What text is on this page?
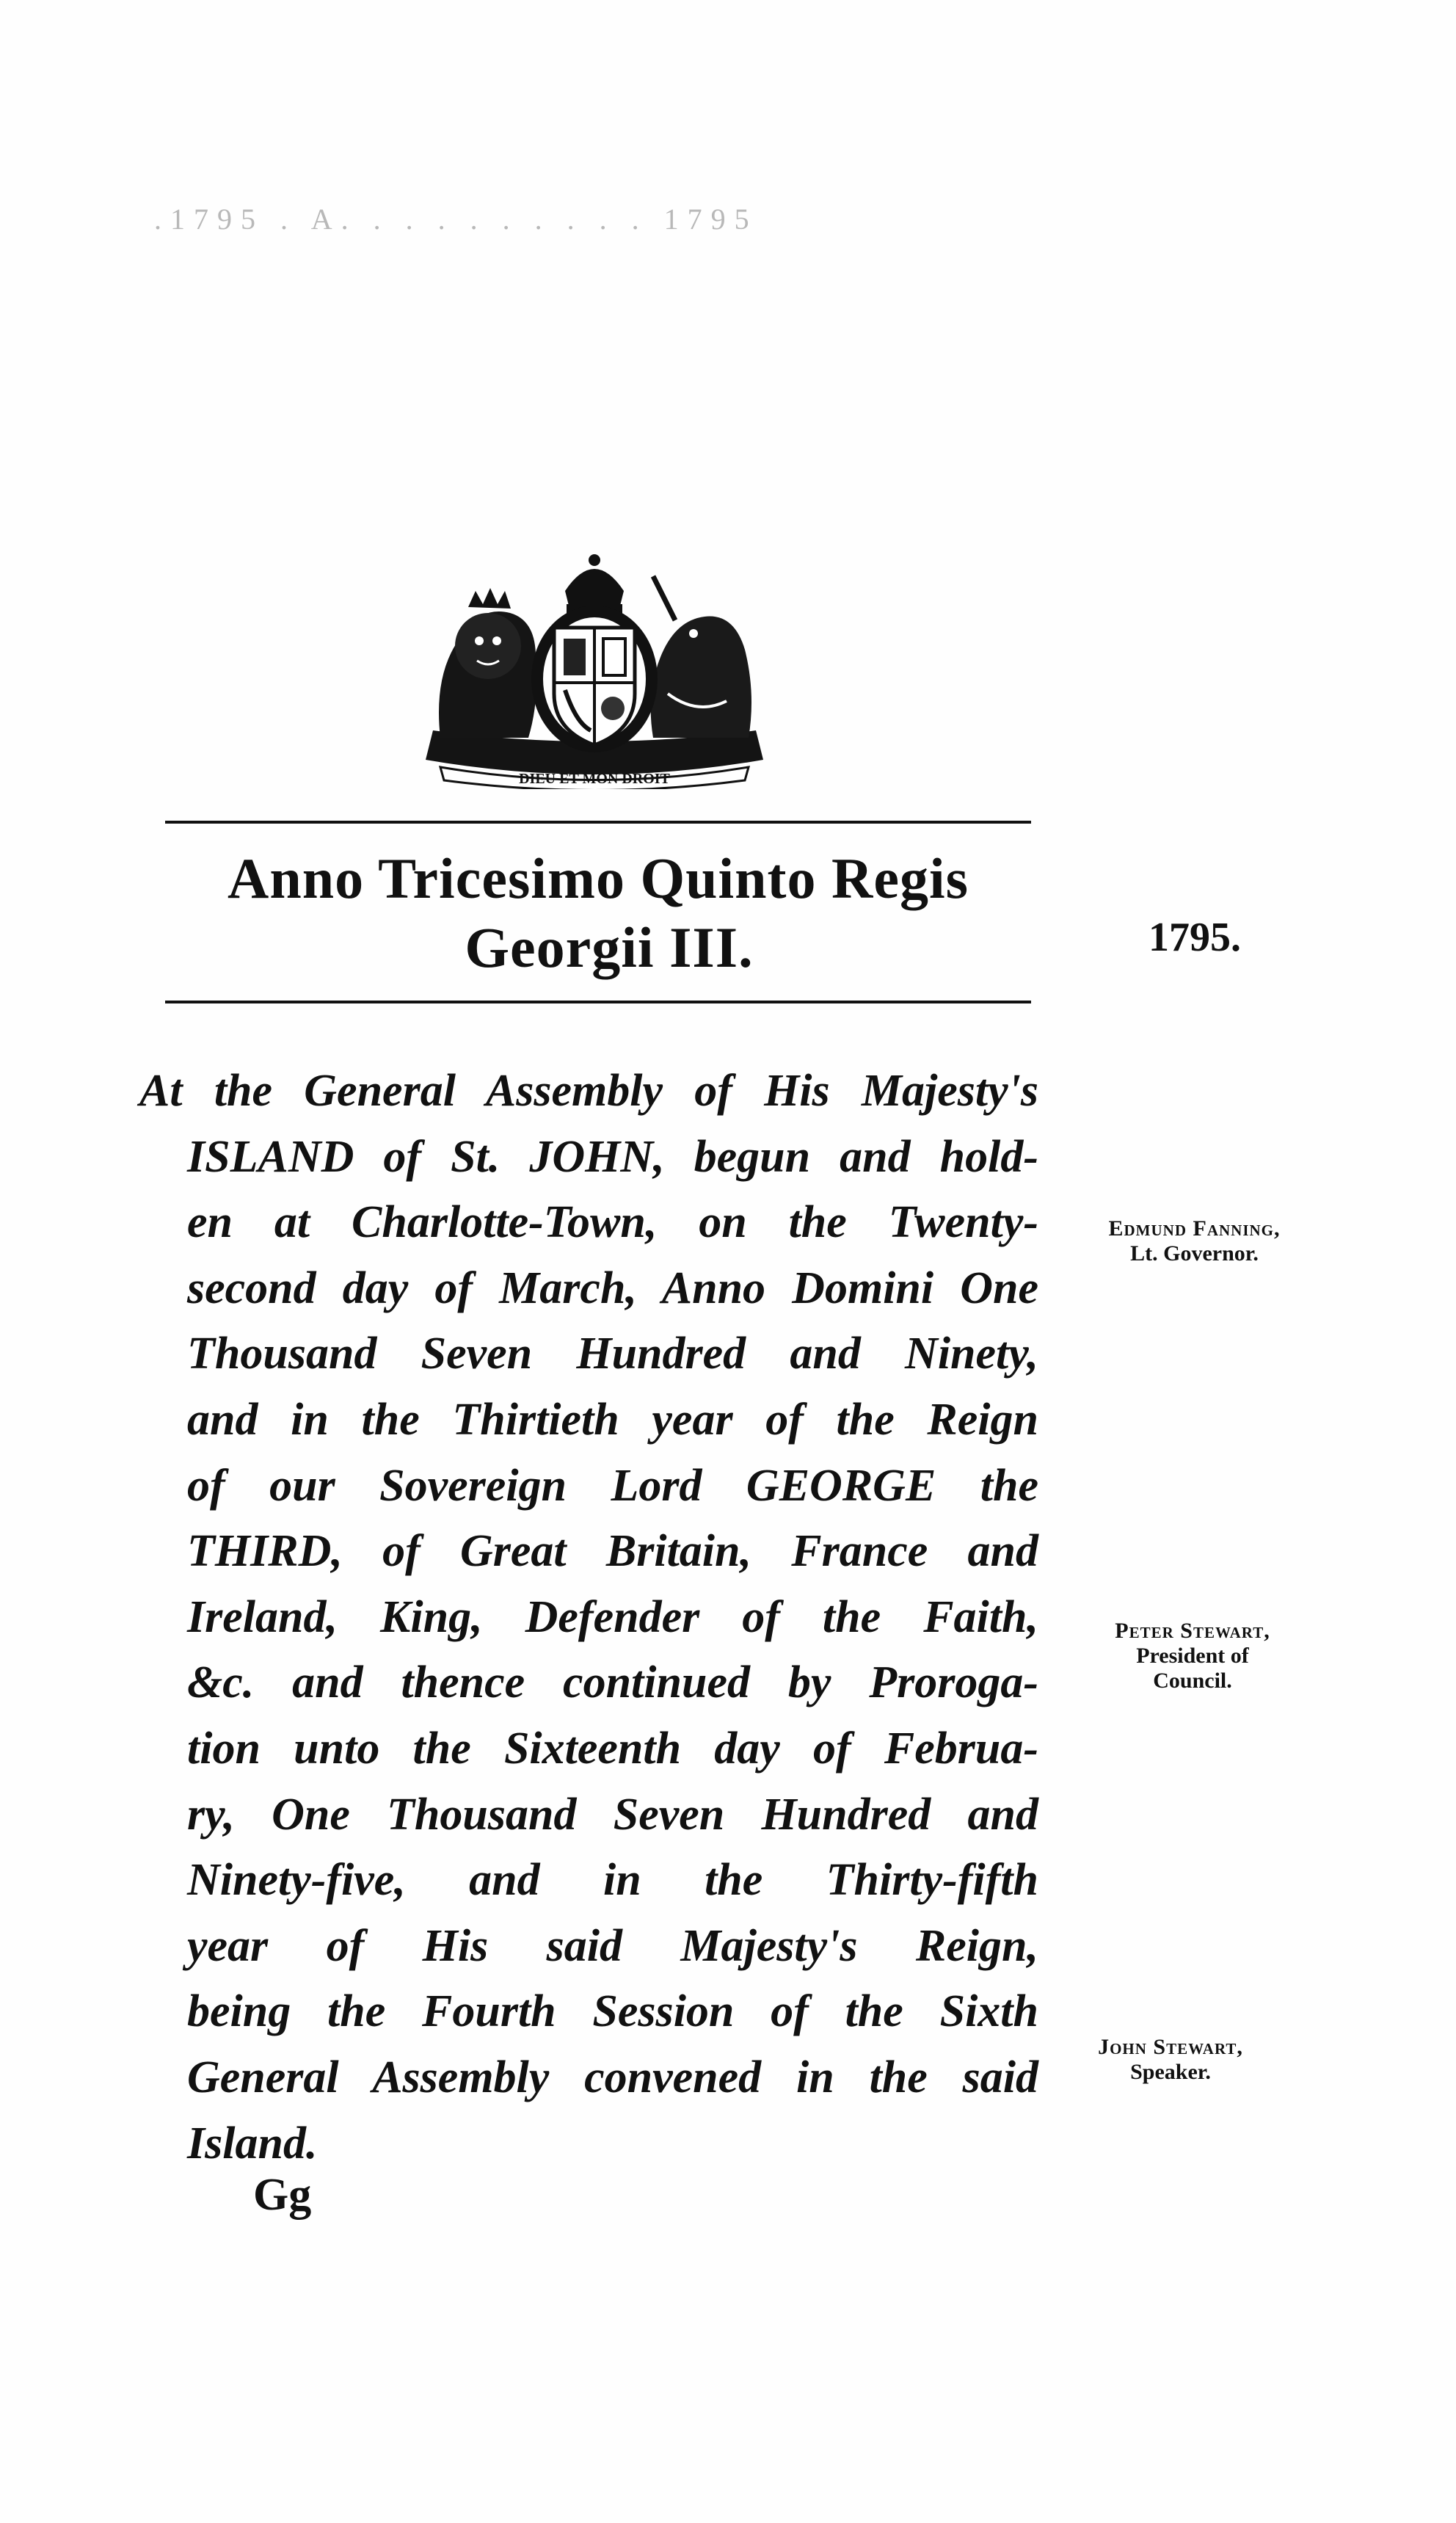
.1795 . A. . . . . . . . . . 1795
DIEU ET MON DROIT
Anno Tricesimo Quinto Regis
Georgii III.	1795.
At the General Assembly of His Majesty's
ISLAND of St. JOHN, begun and hold-
en at Charlotte-Town, on the Twenty-
second day of March, Anno Domini One
Thousand Seven Hundred and Ninety,
and in the Thirtieth year of the Reign
of our Sovereign Lord GEORGE the
THIRD, of Great Britain, France and
Ireland, King, Defender of the Faith,
&c. and thence continued by Proroga-
tion unto the Sixteenth day of Februa-
ry, One Thousand Seven Hundred and
Ninety-five, and in the Thirty-fifth
year of His said Majesty's Reign,
being the Fourth Session of the Sixth
General Assembly convened in the said
Island.
Gg
Edmund Fanning,
Lt. Governor.
Peter Stewart,
President of
Council.
John Stewart,
Speaker.
